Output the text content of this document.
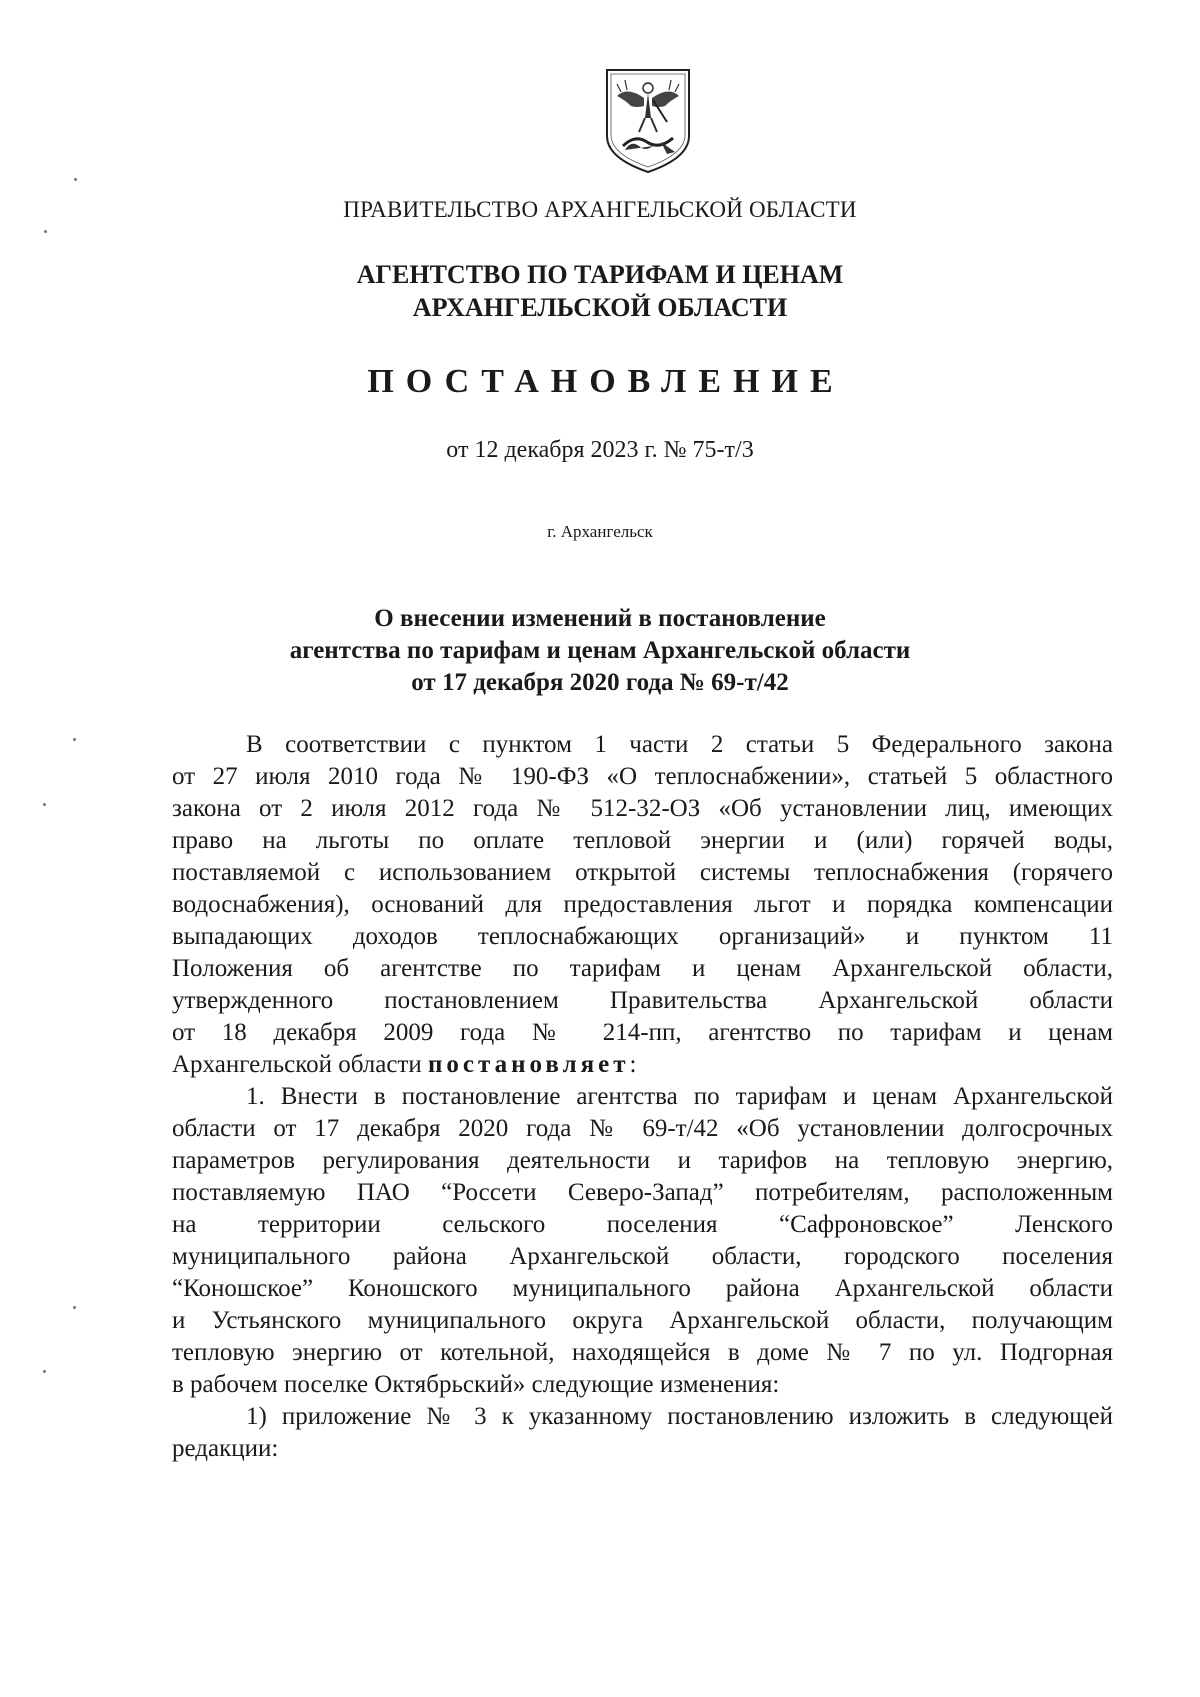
ПРАВИТЕЛЬСТВО АРХАНГЕЛЬСКОЙ ОБЛАСТИ
АГЕНТСТВО ПО ТАРИФАМ И ЦЕНАМ
АРХАНГЕЛЬСКОЙ ОБЛАСТИ
ПОСТАНОВЛЕНИЕ
от 12 декабря 2023 г. № 75-т/3
г. Архангельск
О внесении изменений в постановление
агентства по тарифам и ценам Архангельской области
от 17 декабря 2020 года № 69-т/42
В соответствии с пунктом 1 части 2 статьи 5 Федерального закона
от 27 июля 2010 года № 190-ФЗ «О теплоснабжении», статьей 5 областного
закона от 2 июля 2012 года № 512-32-ОЗ «Об установлении лиц, имеющих
право на льготы по оплате тепловой энергии и (или) горячей воды,
поставляемой с использованием открытой системы теплоснабжения (горячего
водоснабжения), оснований для предоставления льгот и порядка компенсации
выпадающих доходов теплоснабжающих организаций» и пунктом 11
Положения об агентстве по тарифам и ценам Архангельской области,
утвержденного постановлением Правительства Архангельской области
от 18 декабря 2009 года № 214-пп, агентство по тарифам и ценам
Архангельской области постановляет:
1. Внести в постановление агентства по тарифам и ценам Архангельской
области от 17 декабря 2020 года № 69-т/42 «Об установлении долгосрочных
параметров регулирования деятельности и тарифов на тепловую энергию,
поставляемую ПАО “Россети Северо-Запад” потребителям, расположенным
на территории сельского поселения “Сафроновское” Ленского
муниципального района Архангельской области, городского поселения
“Коношское” Коношского муниципального района Архангельской области
и Устьянского муниципального округа Архангельской области, получающим
тепловую энергию от котельной, находящейся в доме № 7 по ул. Подгорная
в рабочем поселке Октябрьский» следующие изменения:
1) приложение № 3 к указанному постановлению изложить в следующей
редакции:
